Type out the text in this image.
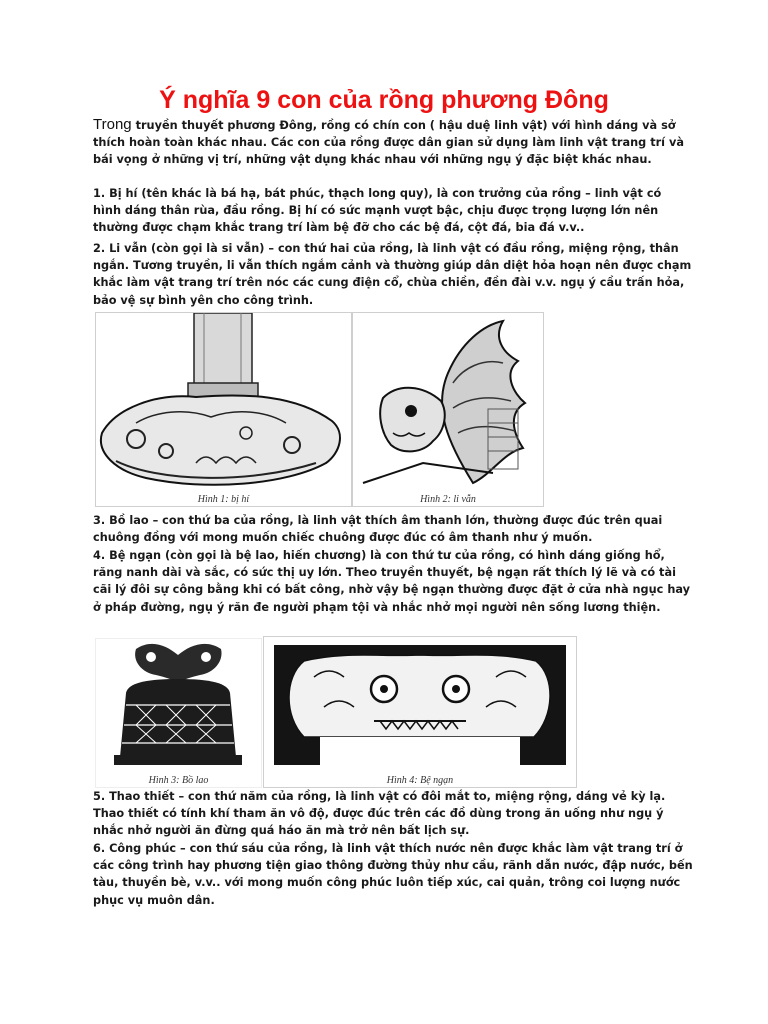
Ý nghĩa 9 con của rồng phương Đông

Trong truyền thuyết phương Đông, rồng có chín con ( hậu duệ linh vật) với hình dáng và sở thích hoàn toàn khác nhau. Các con của rồng được dân gian sử dụng làm linh vật trang trí và bái vọng ở những vị trí, những vật dụng khác nhau với những ngụ ý đặc biệt khác nhau.

1. Bị hí (tên khác là bá hạ, bát phúc, thạch long quy), là con trưởng của rồng – linh vật có hình dáng thân rùa, đầu rồng. Bị hí có sức mạnh vượt bậc, chịu được trọng lượng lớn nên thường được chạm khắc trang trí làm bệ đỡ cho các bệ đá, cột đá, bia đá v.v..

2. Li vẫn (còn gọi là si vẫn) – con thứ hai của rồng, là linh vật có đầu rồng, miệng rộng, thân ngắn. Tương truyền, li vẫn thích ngắm cảnh và thường giúp dân diệt hỏa hoạn nên được chạm khắc làm vật trang trí trên nóc các cung điện cổ, chùa chiền, đền đài v.v. ngụ ý cầu trấn hỏa, bảo vệ sự bình yên cho công trình.

Hình 1: bị hí	Hình 2: li vẫn

3. Bồ lao – con thứ ba của rồng, là linh vật thích âm thanh lớn, thường được đúc trên quai chuông đồng với mong muốn chiếc chuông được đúc có âm thanh như ý muốn.

4. Bệ ngạn (còn gọi là bệ lao, hiến chương) là con thứ tư của rồng, có hình dáng giống hổ, răng nanh dài và sắc, có sức thị uy lớn. Theo truyền thuyết, bệ ngạn rất thích lý lẽ và có tài cãi lý đôi sự công bằng khi có bất công, nhờ vậy bệ ngạn thường được đặt ở cửa nhà ngục hay ở pháp đường, ngụ ý răn đe người phạm tội và nhắc nhở mọi người nên sống lương thiện.

Hình 3: Bồ lao	Hình 4: Bệ ngạn

5. Thao thiết – con thứ năm của rồng, là linh vật có đôi mắt to, miệng rộng, dáng vẻ kỳ lạ. Thao thiết có tính khí tham ăn vô độ, được đúc trên các đồ dùng trong ăn uống như ngụ ý nhắc nhở người ăn đừng quá háo ăn mà trở nên bất lịch sự.

6. Công phúc – con thứ sáu của rồng, là linh vật thích nước nên được khắc làm vật trang trí ở các công trình hay phương tiện giao thông đường thủy như cầu, rãnh dẫn nước, đập nước, bến tàu, thuyền bè, v.v.. với mong muốn công phúc luôn tiếp xúc, cai quản, trông coi lượng nước phục vụ muôn dân.
